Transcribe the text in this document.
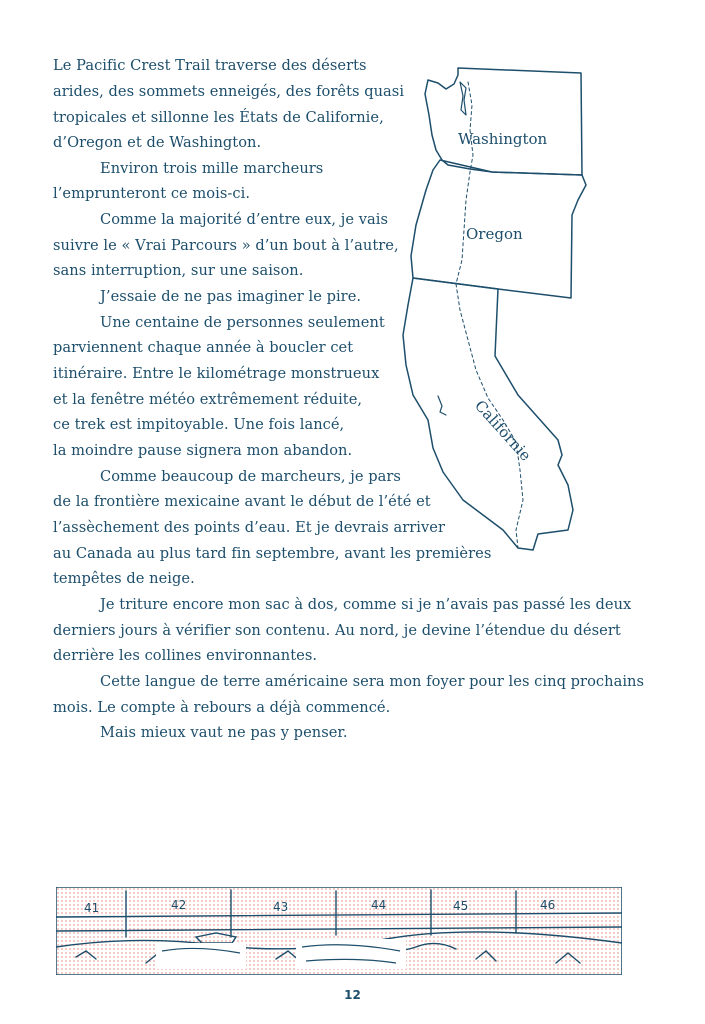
Le Pacific Crest Trail traverse des déserts
arides, des sommets enneigés, des forêts quasi
tropicales et sillonne les États de Californie,
d’Oregon et de Washington.
Environ trois mille marcheurs
l’emprunteront ce mois-ci.
Comme la majorité d’entre eux, je vais
suivre le « Vrai Parcours » d’un bout à l’autre,
sans interruption, sur une saison.
J’essaie de ne pas imaginer le pire.
Une centaine de personnes seulement
parviennent chaque année à boucler cet
itinéraire. Entre le kilométrage monstrueux
et la fenêtre météo extrêmement réduite,
ce trek est impitoyable. Une fois lancé,
la moindre pause signera mon abandon.
Comme beaucoup de marcheurs, je pars
de la frontière mexicaine avant le début de l’été et
l’assèchement des points d’eau. Et je devrais arriver
au Canada au plus tard fin septembre, avant les premières
tempêtes de neige.
Je triture encore mon sac à dos, comme si je n’avais pas passé les deux
derniers jours à vérifier son contenu. Au nord, je devine l’étendue du désert
derrière les collines environnantes.
Cette langue de terre américaine sera mon foyer pour les cinq prochains
mois. Le compte à rebours a déjà commencé.
Mais mieux vaut ne pas y penser.
Washington
Oregon
Californie
41	42	43	44	45	46
12
